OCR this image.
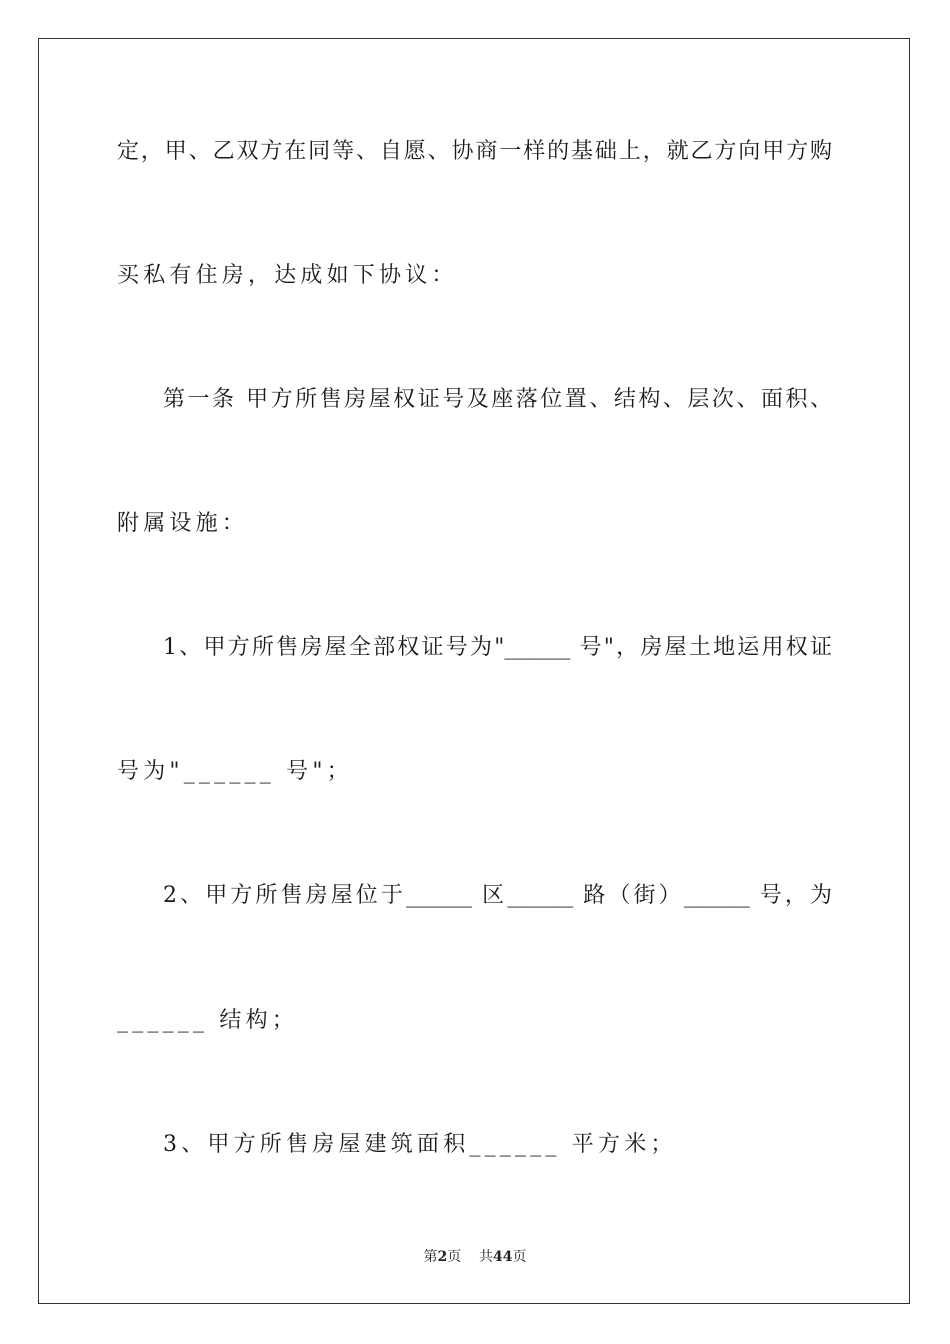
定，甲、乙双方在同等、自愿、协商一样的基础上，就乙方向甲方购
买私有住房，达成如下协议：
第一条 甲方所售房屋权证号及座落位置、结构、层次、面积、
附属设施：
1、甲方所售房屋全部权证号为"______ 号"，房屋土地运用权证
号为"______ 号"；
2、甲方所售房屋位于______ 区______ 路（街）______ 号，为
______ 结构；
3、甲方所售房屋建筑面积______ 平方米；
第2页 共44页
